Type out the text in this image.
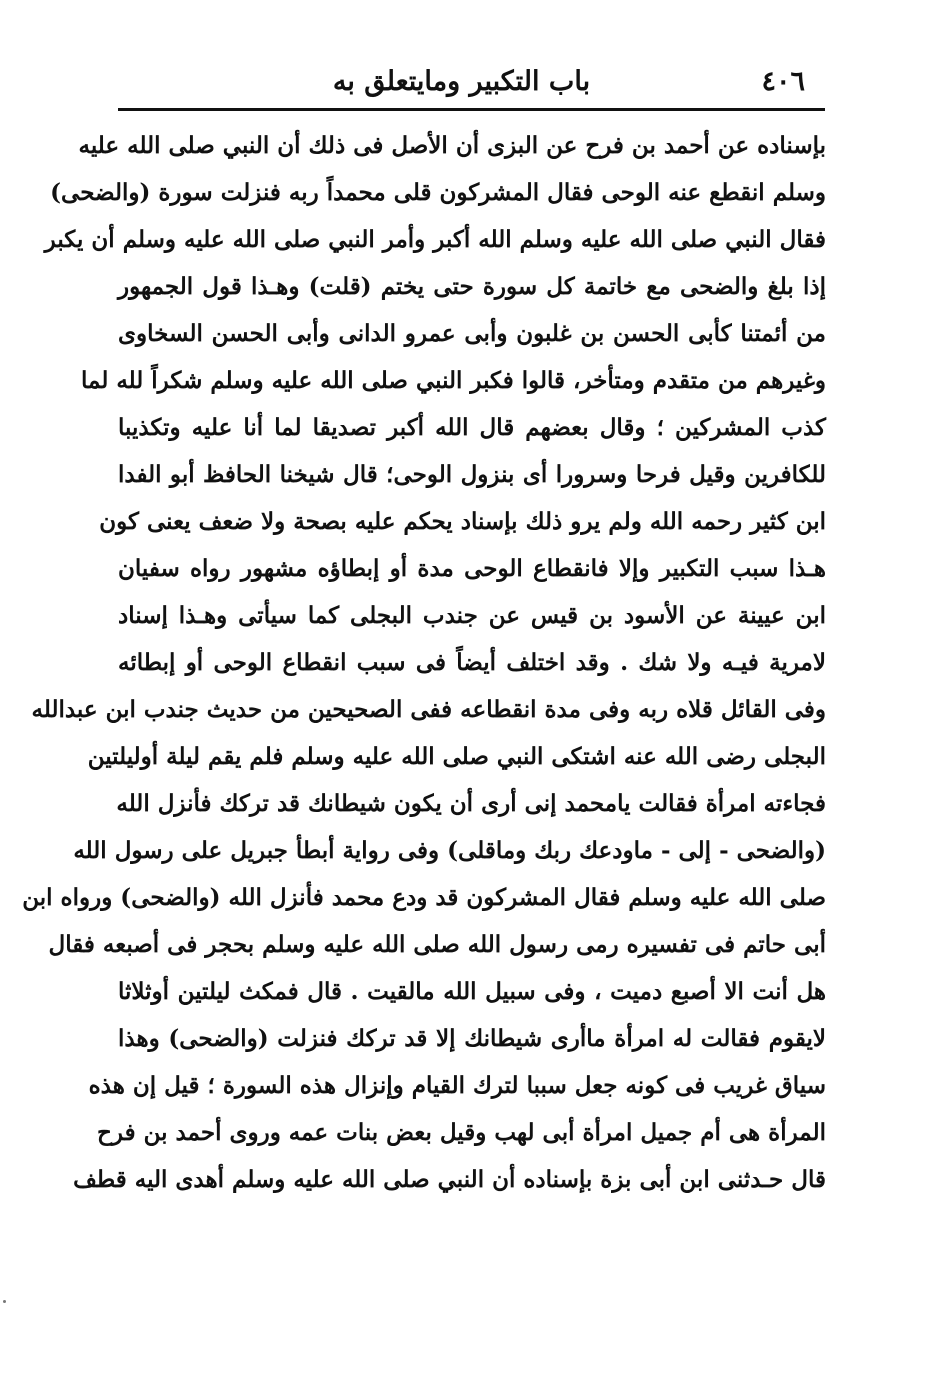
٤٠٦
باب التكبير ومايتعلق به
بإسناده عن أحمد بن فرح عن البزى أن الأصل فى ذلك أن النبي صلى الله عليه
وسلم انقطع عنه الوحى فقال المشركون قلى محمداً ربه فنزلت سورة (والضحى)
فقال النبي صلى الله عليه وسلم الله أكبر وأمر النبي صلى الله عليه وسلم أن يكبر
إذا بلغ والضحى مع خاتمة كل سورة حتى يختم (قلت) وهـذا قول الجمهور
من أئمتنا كأبى الحسن بن غلبون وأبى عمرو الدانى وأبى الحسن السخاوى
وغيرهم من متقدم ومتأخر، قالوا فكبر النبي صلى الله عليه وسلم شكراً لله لما
كذب المشركين ؛ وقال بعضهم قال الله أكبر تصديقا لما أنا عليه وتكذيبا
للكافرين وقيل فرحا وسرورا أى بنزول الوحى؛ قال شيخنا الحافظ أبو الفدا
ابن كثير رحمه الله ولم يرو ذلك بإسناد يحكم عليه بصحة ولا ضعف يعنى كون
هـذا سبب التكبير وإلا فانقطاع الوحى مدة أو إبطاؤه مشهور رواه سفيان
ابن عيينة عن الأسود بن قيس عن جندب البجلى كما سيأتى وهـذا إسناد
لامرية فيـه ولا شك . وقد اختلف أيضاً فى سبب انقطاع الوحى أو إبطائه
وفى القائل قلاه ربه وفى مدة انقطاعه ففى الصحيحين من حديث جندب ابن عبدالله
البجلى رضى الله عنه اشتكى النبي صلى الله عليه وسلم فلم يقم ليلة أوليلتين
فجاءته امرأة فقالت يامحمد إنى أرى أن يكون شيطانك قد تركك فأنزل الله
(والضحى - إلى - ماودعك ربك وماقلى) وفى رواية أبطأ جبريل على رسول الله
صلى الله عليه وسلم فقال المشركون قد ودع محمد فأنزل الله (والضحى) ورواه ابن
أبى حاتم فى تفسيره رمى رسول الله صلى الله عليه وسلم بحجر فى أصبعه فقال
هل أنت الا أصبع دميت ، وفى سبيل الله مالقيت . قال فمكث ليلتين أوثلاثا
لايقوم فقالت له امرأة ماأرى شيطانك إلا قد تركك فنزلت (والضحى) وهذا
سياق غريب فى كونه جعل سببا لترك القيام وإنزال هذه السورة ؛ قيل إن هذه
المرأة هى أم جميل امرأة أبى لهب وقيل بعض بنات عمه وروى أحمد بن فرح
قال حـدثنى ابن أبى بزة بإسناده أن النبي صلى الله عليه وسلم أهدى اليه قطف
